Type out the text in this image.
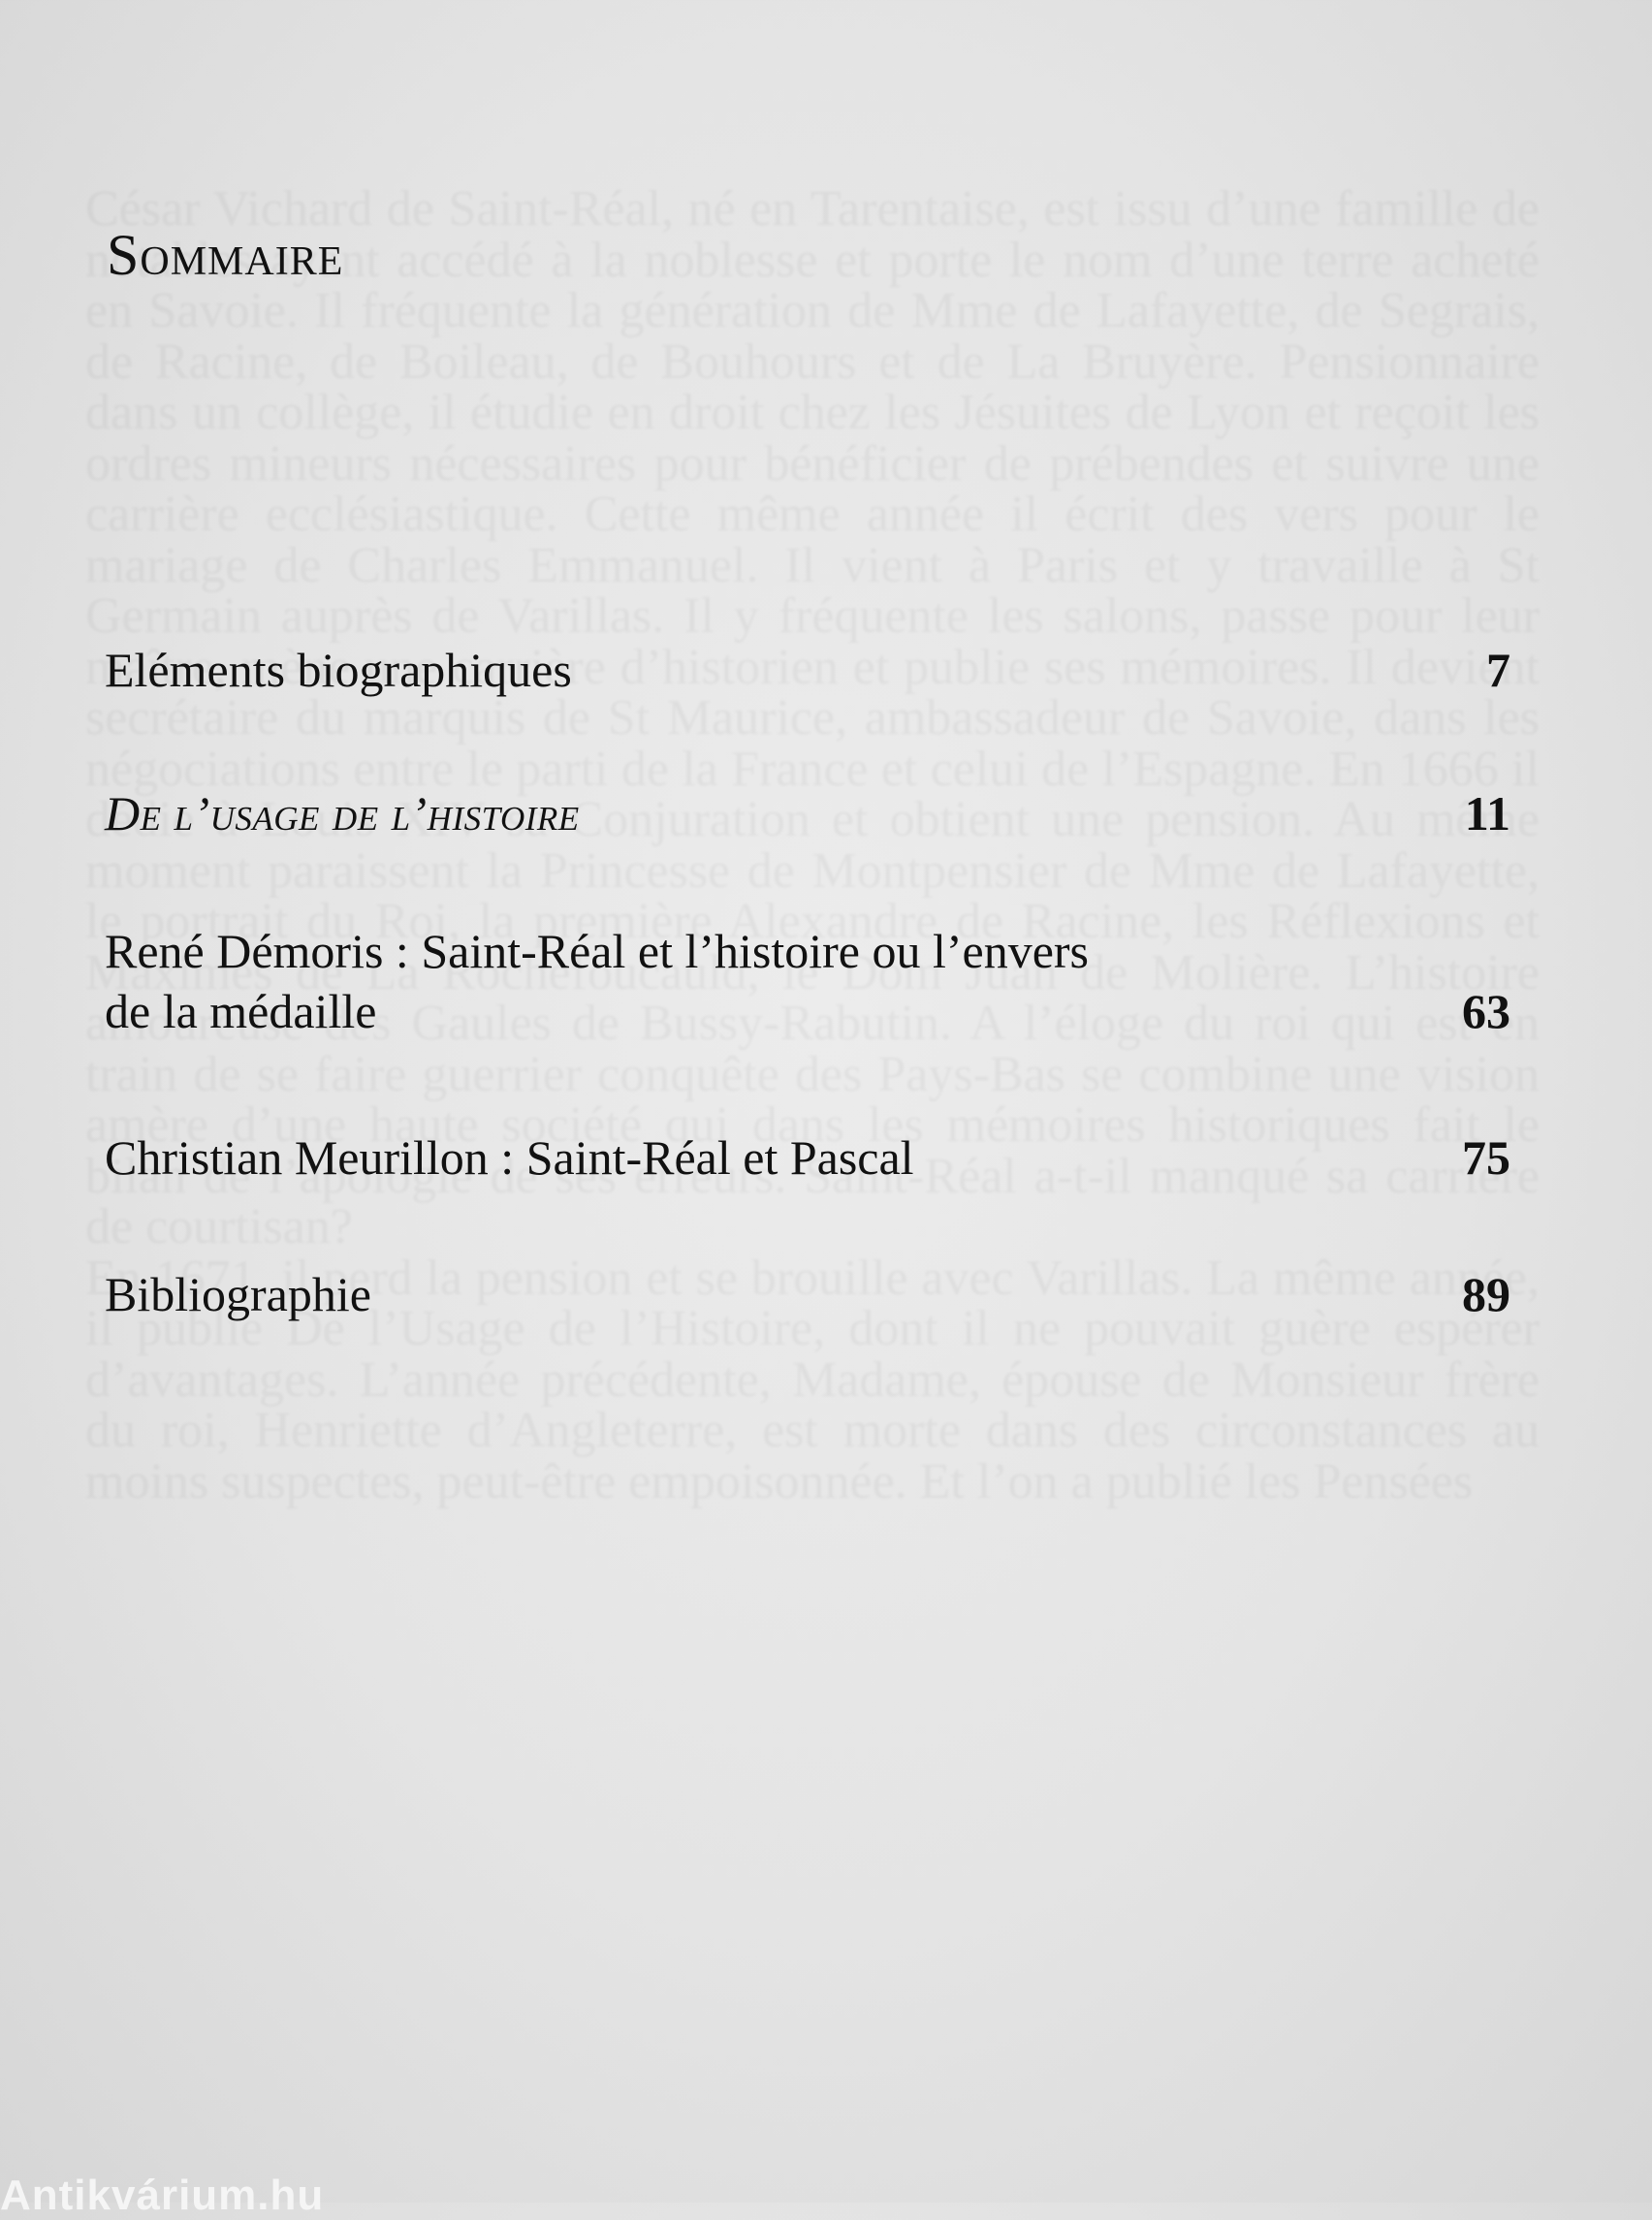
Sommaire
Eléments biographiques	7
De l’usage de l’histoire	11
René Démoris : Saint-Réal et l’histoire ou l’envers de la médaille	63
Christian Meurillon : Saint-Réal et Pascal	75
Bibliographie	89
Antikvárium.hu
